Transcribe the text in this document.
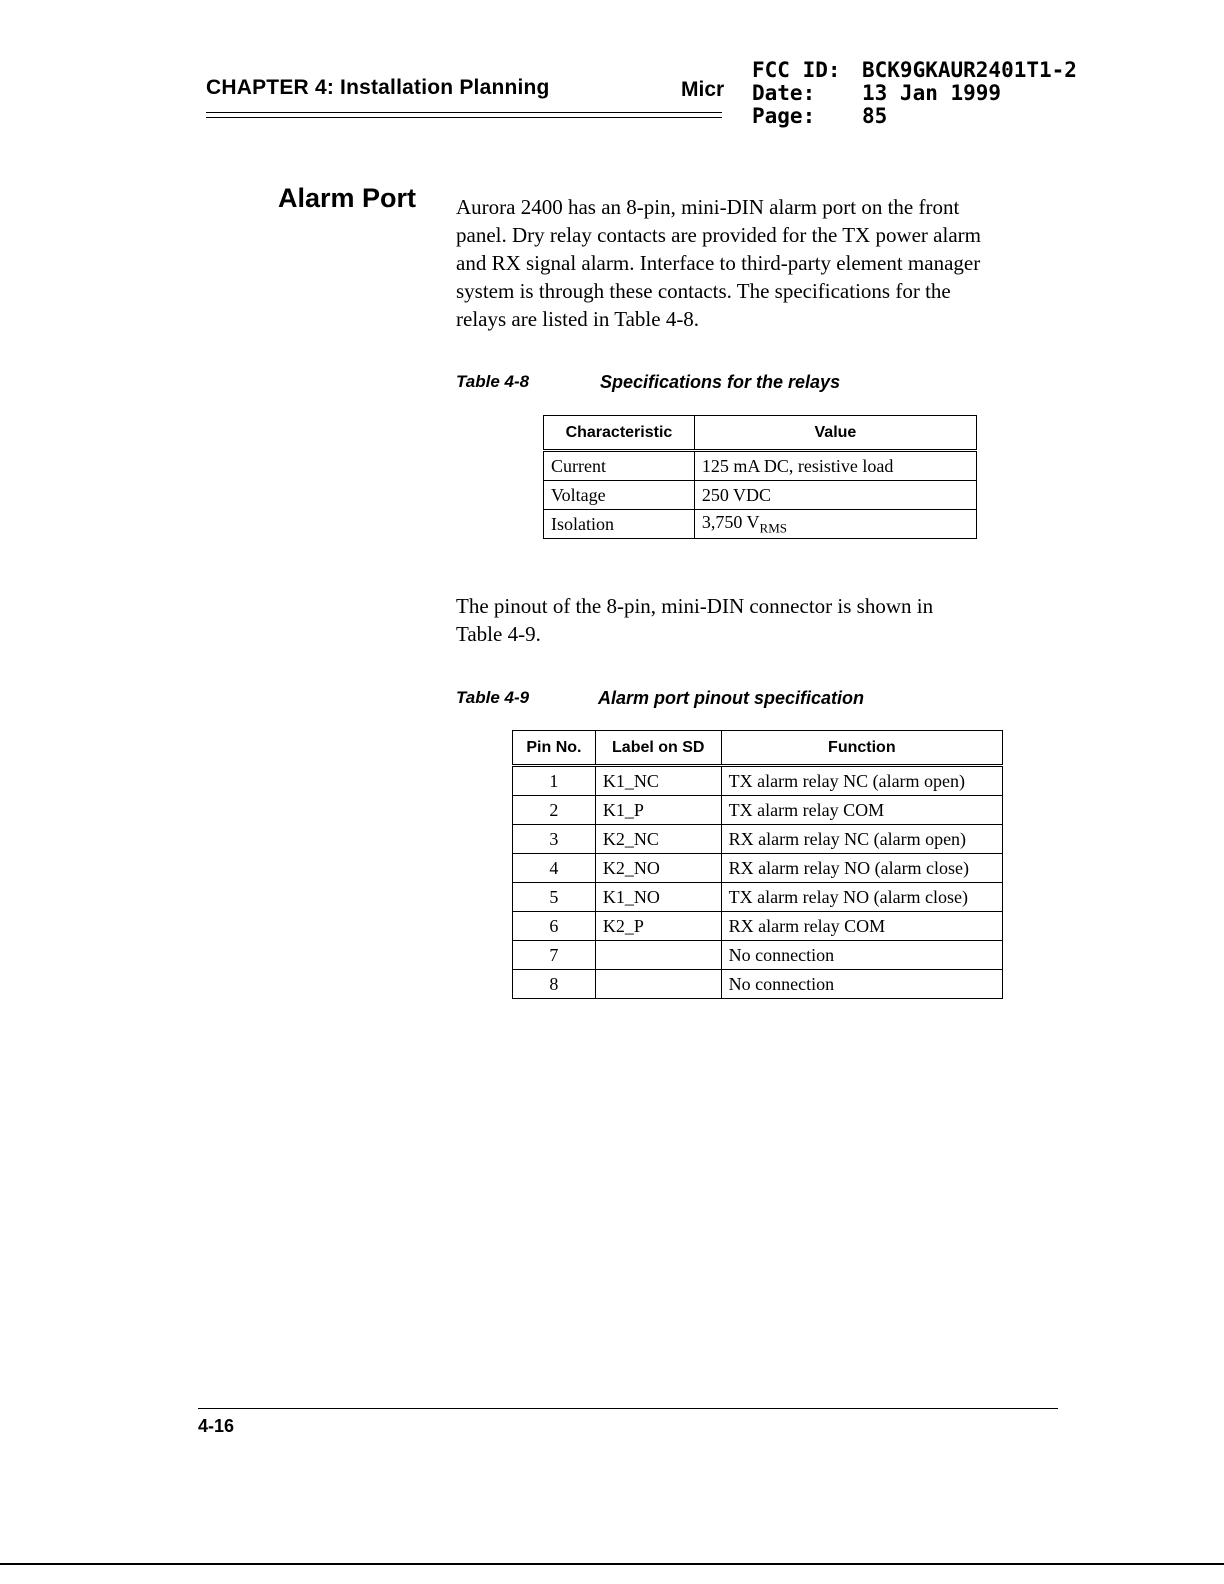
CHAPTER 4: Installation Planning	Micr
FCC ID: BCK9GKAUR2401T1-2
Date: 13 Jan 1999
Page: 85
Alarm Port Aurora 2400 has an 8-pin, mini-DIN alarm port on the front
panel. Dry relay contacts are provided for the TX power alarm
and RX signal alarm. Interface to third-party element manager
system is through these contacts. The specifications for the
relays are listed in Table 4-8.
Table 4-8	Specifications for the relays
Characteristic	Value
Current	125 mA DC, resistive load
Voltage	250 VDC
Isolation	3,750 $V_{RMS}$
The pinout of the 8-pin, mini-DIN connector is shown in
Table 4-9.
Table 4-9	Alarm port pinout specification
Pin No.	Label on SD	Function
1	K1_NC	TX alarm relay NC (alarm open)
2	K1_P	TX alarm relay COM
3	K2_NC	RX alarm relay NC (alarm open)
4	K2_NO	RX alarm relay NO (alarm close)
5	K1_NO	TX alarm relay NO (alarm close)
6	K2_P	RX alarm relay COM
7		No connection
8		No connection
4-16
